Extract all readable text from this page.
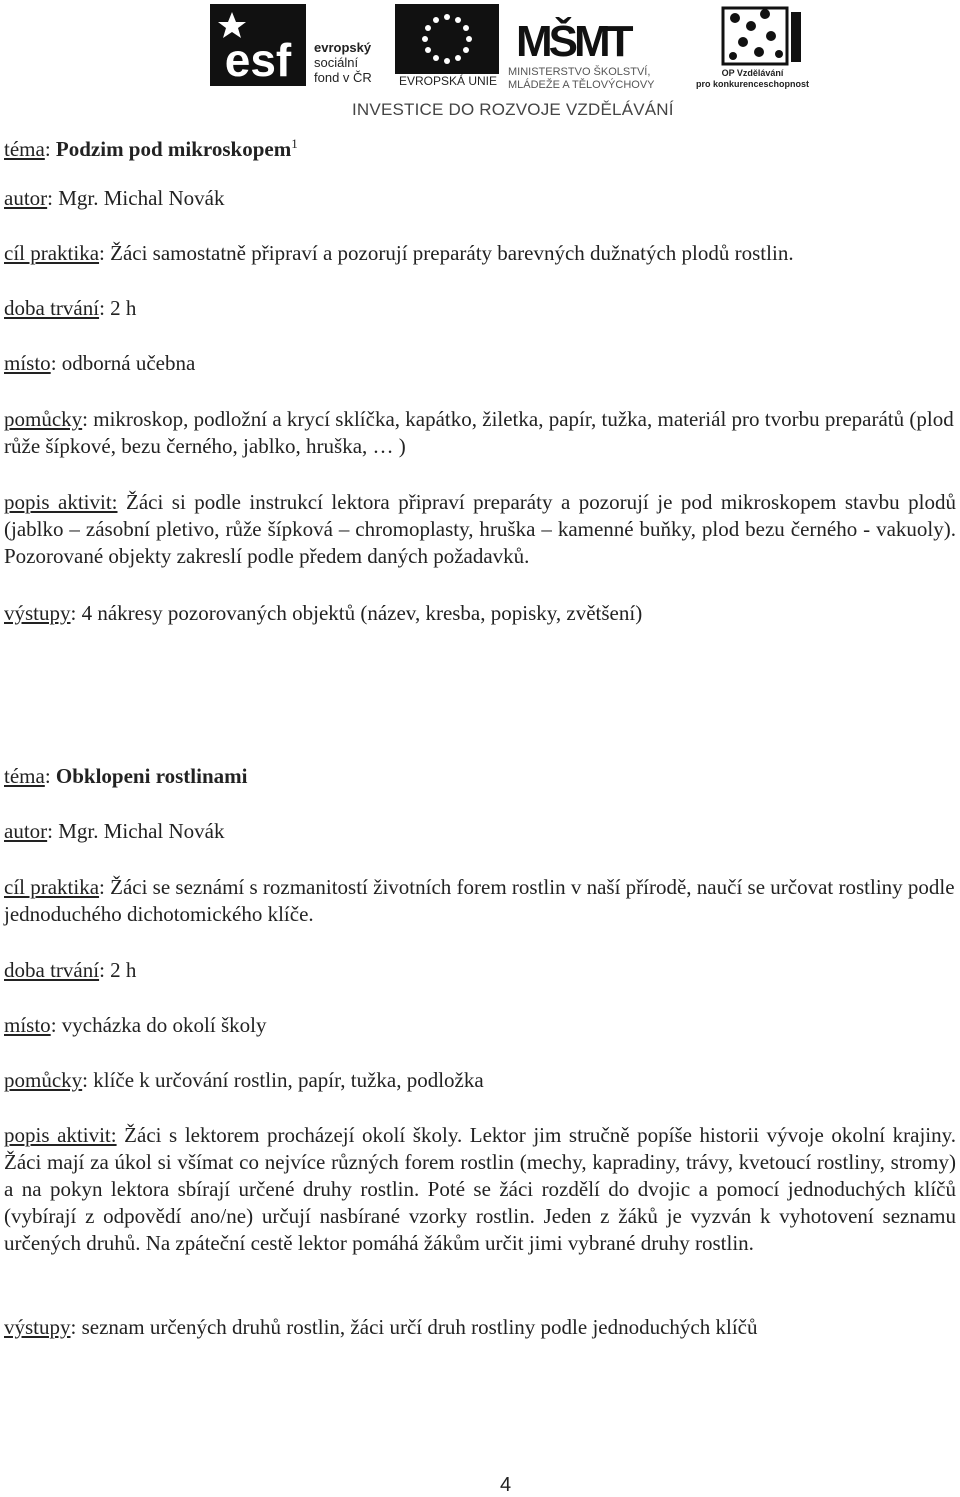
esf evropský
sociální
fond v ČR	EVROPSKÁ UNIE
MŠMT
MINISTERSTVO ŠKOLSTVÍ,
MLÁDEŽE A TĚLOVÝCHOVY
OP Vzdělávání
pro konkurenceschopnost
INVESTICE DO ROZVOJE VZDĚLÁVÁNÍ

téma: Podzim pod mikroskopem$^1$

autor: Mgr. Michal Novák

cíl praktika: Žáci samostatně připraví a pozorují preparáty barevných dužnatých plodů rostlin.

doba trvání: 2 h

místo: odborná učebna

pomůcky: mikroskop, podložní a krycí sklíčka, kapátko, žiletka, papír, tužka, materiál pro tvorbu preparátů (plod růže šípkové, bezu černého, jablko, hruška, … )

popis aktivit: Žáci si podle instrukcí lektora připraví preparáty a pozorují je pod mikroskopem stavbu plodů (jablko – zásobní pletivo, růže šípková – chromoplasty, hruška – kamenné buňky, plod bezu černého - vakuoly). Pozorované objekty zakreslí podle předem daných požadavků.

výstupy: 4 nákresy pozorovaných objektů (název, kresba, popisky, zvětšení)

téma: Obklopeni rostlinami

autor: Mgr. Michal Novák

cíl praktika: Žáci se seznámí s rozmanitostí životních forem rostlin v naší přírodě, naučí se určovat rostliny podle jednoduchého dichotomického klíče.

doba trvání: 2 h

místo: vycházka do okolí školy

pomůcky: klíče k určování rostlin, papír, tužka, podložka

popis aktivit: Žáci s lektorem procházejí okolí školy. Lektor jim stručně popíše historii vývoje okolní krajiny. Žáci mají za úkol si všímat co nejvíce různých forem rostlin (mechy, kapradiny, trávy, kvetoucí rostliny, stromy) a na pokyn lektora sbírají určené druhy rostlin. Poté se žáci rozdělí do dvojic a pomocí jednoduchých klíčů (vybírají z odpovědí ano/ne) určují nasbírané vzorky rostlin. Jeden z žáků je vyzván k vyhotovení seznamu určených druhů. Na zpáteční cestě lektor pomáhá žákům určit jimi vybrané druhy rostlin.

výstupy: seznam určených druhů rostlin, žáci určí druh rostliny podle jednoduchých klíčů

4
